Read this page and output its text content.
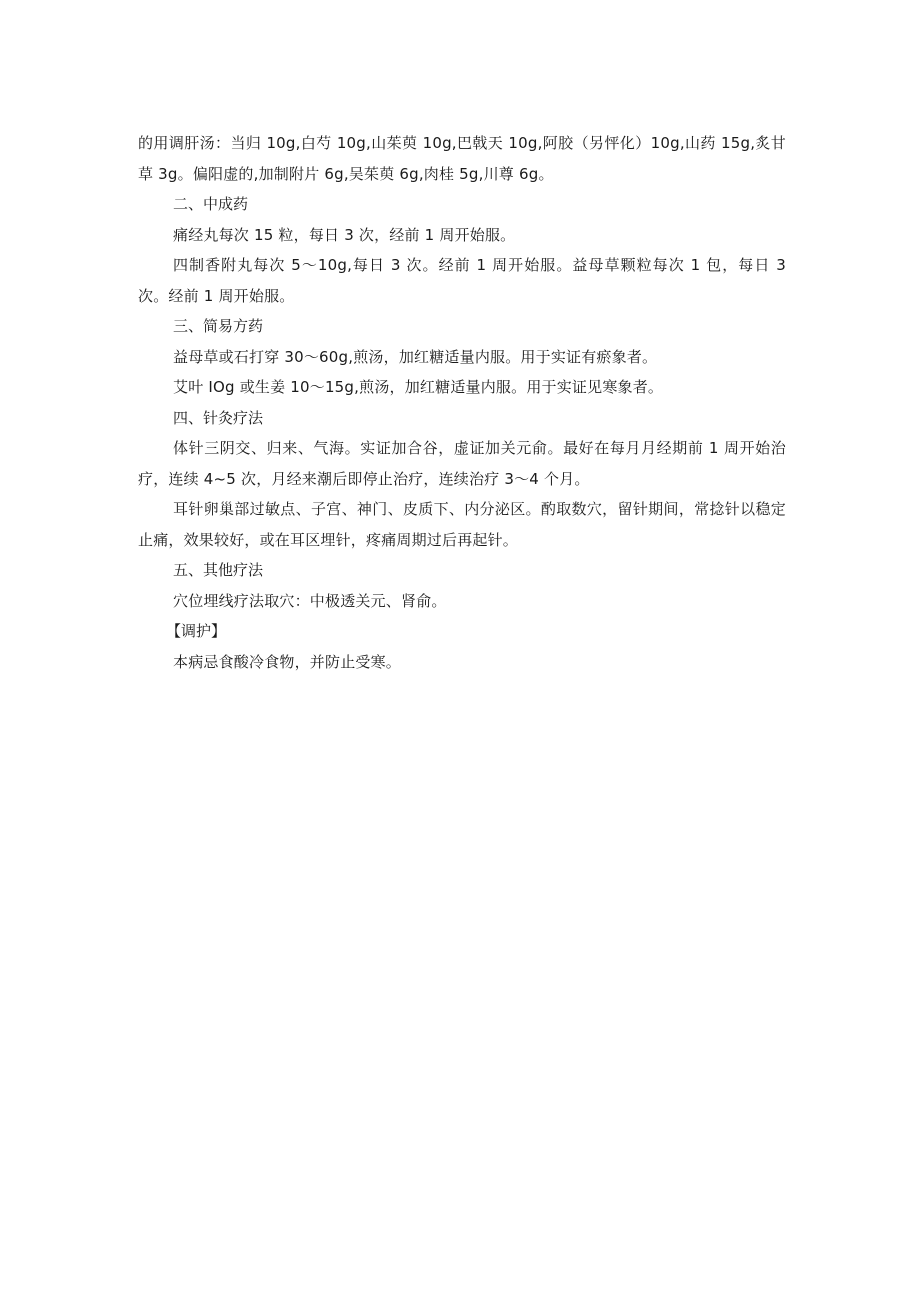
的用调肝汤：当归 10g,白芍 10g,山茱萸 10g,巴戟天 10g,阿胶（另怦化）10g,山药 15g,炙甘草 3g。偏阳虚的,加制附片 6g,吴茱萸 6g,肉桂 5g,川尊 6g。

二、中成药

痛经丸每次 15 粒，每日 3 次，经前 1 周开始服。

四制香附丸每次 5～10g,每日 3 次。经前 1 周开始服。益母草颗粒每次 1 包，每日 3 次。经前 1 周开始服。

三、简易方药

益母草或石打穿 30～60g,煎汤，加红糖适量内服。用于实证有瘀象者。

艾叶 IOg 或生姜 10～15g,煎汤，加红糖适量内服。用于实证见寒象者。

四、针灸疗法

体针三阴交、归来、气海。实证加合谷，虚证加关元俞。最好在每月月经期前 1 周开始治疗，连续 4~5 次，月经来潮后即停止治疗，连续治疗 3～4 个月。

耳针卵巢部过敏点、子宫、神门、皮质下、内分泌区。酌取数穴，留针期间，常捻针以稳定止痛，效果较好，或在耳区埋针，疼痛周期过后再起针。

五、其他疗法

穴位埋线疗法取穴：中极透关元、肾俞。

【调护】

本病忌食酸冷食物，并防止受寒。
